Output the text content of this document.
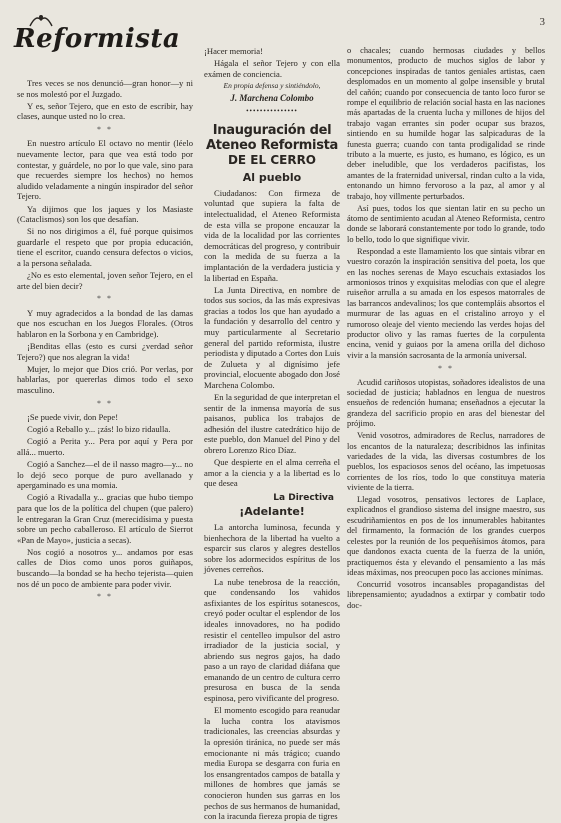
Reformista
3

Tres veces se nos denunció—gran honor—y ni se nos molestó por el Juzgado.

Y es, señor Tejero, que en esto de escribir, hay clases, aunque usted no lo crea.

* *

En nuestro artículo El octavo no mentir (léelo nuevamente lector, para que vea está todo por contestar, y guárdele, no por lo que vale, sino para que recuerdes siempre los hechos) no hemos aludido veladamente a ningún inspirador del señor Tejero.

Ya dijimos que los jaques y los Masiaste (Cataclismos) son los que desafían.

Si no nos dirigimos a él, fué porque quisimos guardarle el respeto que por propia educación, tiene el escritor, cuando censura defectos o vicios, a la persona señalada.

¿No es esto elemental, joven señor Tejero, en el arte del bien decir?

* *

Y muy agradecidos a la bondad de las damas que nos escuchan en los Juegos Florales. (Otros hablaron en la Sorbona y en Cambridge).

¡Benditas ellas (esto es cursi ¿verdad señor Tejero?) que nos alegran la vida!

Mujer, lo mejor que Dios crió. Por verlas, por hablarlas, por quererlas dimos todo el sexo masculino.

* *

¡Se puede vivir, don Pepe!

Cogió a Reballo y... ¡zás! lo bizo ridaulla.

Cogió a Perita y... Pera por aquí y Pera por allá... muerto.

Cogió a Sanchez—el de il nasso magro—y... no lo dejó seco porque de puro avellanado y apergaminado es una momia.

Cogió a Rivadalla y... gracias que hubo tiempo para que los de la política del chupen (que palero) le entregaran la Gran Cruz (merecidísima y puesta sobre un pecho caballeroso. El artículo de Sierrot «Pan de Mayo», justicia a secas).

Nos cogió a nosotros y... andamos por esas calles de Dios como unos poros guiñapos, buscando—la bondad se ha hecho tejerista—quien nos dé un poco de ambiente para poder vivir.

* *

¡Hacer memoria!

Hágala el señor Tejero y con ella exámen de conciencia.

En propia defensa y sintiéndolo,
J. Marchena Colombo
•••••••••••••••
Inauguración del Ateneo Reformista
DE EL CERRO
Al pueblo

Ciudadanos: Con firmeza de voluntad que supiera la falta de intelectualidad, el Ateneo Reformista de esta villa se propone encauzar la vida de la localidad por las corrientes democráticas del progreso, y contribuir con la medida de su fuerza a la implantación de la verdadera justicia y la libertad en España.

La Junta Directiva, en nombre de todos sus socios, da las más expresivas gracias a todos los que han ayudado a la fundación y desarrollo del centro y muy particularmente al Secretario general del partido reformista, ilustre periodista y diputado a Cortes don Luis de Zulueta y al dignísimo jefe provincial, elocuente abogado don José Marchena Colombo.

En la seguridad de que interpretan el sentir de la inmensa mayoría de sus paisanos, publica los trabajos de adhesión del ilustre catedrático hijo de este pueblo, don Manuel del Pino y del obrero Lorenzo Rico Díaz.

Que despierte en el alma cerreña el amor a la ciencia y a la libertad es lo que desea

La Directiva
¡Adelante!

La antorcha luminosa, fecunda y bienhechora de la libertad ha vuelto a esparcir sus claros y alegres destellos sobre los adormecidos espíritus de los jóvenes cerreños.

La nube tenebrosa de la reacción, que condensando los vahidos asfixiantes de los espíritus sotanescos, creyó poder ocultar el esplendor de los ideales innovadores, no ha podido resistir el centelleo impulsor del astro irradiador de la justicia social, y abriendo sus negros gajos, ha dado paso a un rayo de claridad diáfana que emanando de un centro de cultura cerro presurosa en busca de la senda espinosa, pero vivificante del progreso.

El momento escogido para reanudar la lucha contra los atavismos tradicionales, las creencias absurdas y la opresión tiránica, no puede ser más emocionante ni más trágico; cuando media Europa se desgarra con furia en los ensangrentados campos de batalla y millones de hombres que jamás se conocieron hunden sus garras en los pechos de sus hermanos de humanidad, con la iracunda fiereza propia de tigres

o chacales; cuando hermosas ciudades y bellos monumentos, producto de muchos siglos de labor y concepciones inspiradas de tantos geniales artistas, caen desplomados en un momento al golpe insensible y brutal del cañón; cuando por consecuencia de tanto loco furor se rompe el equilibrio de relación social hasta en las naciones más apartadas de la cruenta lucha y millones de hijos del trabajo vagan errantes sin poder ocupar sus brazos, sintiendo en su humilde hogar las salpicaduras de la funesta guerra; cuando con tanta prodigalidad se rinde tributo a la muerte, es justo, es humano, es lógico, es un deber ineludible, que los verdaderos pacifistas, los amantes de la fraternidad universal, rindan culto a la vida, entonando un himno fervoroso a la paz, al amor y al trabajo, hoy villmente perturbados.

Así pues, todos los que sientan latir en su pecho un átomo de sentimiento acudan al Ateneo Reformista, centro donde se laborará constantemente por todo lo grande, todo lo bello, todo lo que signifique vivir.

Respondad a este llamamiento los que sintais vibrar en vuestro corazón la inspiración sensitiva del poeta, los que en las noches serenas de Mayo escuchais extasiados los armoniosos trinos y exquisitas melodías con que el alegre ruiseñor arrulla a su amada en los espesos matorrales de las barrancos andevalinos; los que contempláis absortos el murmurar de las aguas en el cristalino arroyo y el rumoroso oleaje del viento meciendo las verdes hojas del productor olivo y las ramas fuertes de la corpulenta encina, venid y guiaos por la amena orilla del dichoso vivir a la mansión sacrosanta de la armonía universal.

* *

Acudid cariñosos utopistas, soñadores idealistos de una sociedad de justicia; habladnos en lengua de nuestros ensueños de redención humana; enseñadnos a ejecutar la grandeza del sacrificio propio en aras del bienestar del prójimo.

Venid vosotros, admiradores de Reclus, narradores de los encantos de la naturaleza; describidnos las infinitas variedades de la vida, las diversas costumbres de los pueblos, los espaciosos senos del océano, las impetuosas corrientes de los ríos, todo lo que constituya materia viviente de la tierra.

Llegad vosotros, pensativos lectores de Laplace, explicadnos el grandioso sistema del insigne maestro, sus escudriñamientos en pos de los innumerables habitantes del firmamento, la formación de los grandes cuerpos celestes por la reunión de los pequeñísimos átomos, para que dandonos exacta cuenta de la fuerza de la unión, practiquemos ésta y elevando el pensamiento a las más ideas máximas, nos preocupen poco las acciones mínimas.

Concurrid vosotros incansables propagandistas del librepensamiento; ayudadnos a extirpar y combatir todo doc-
